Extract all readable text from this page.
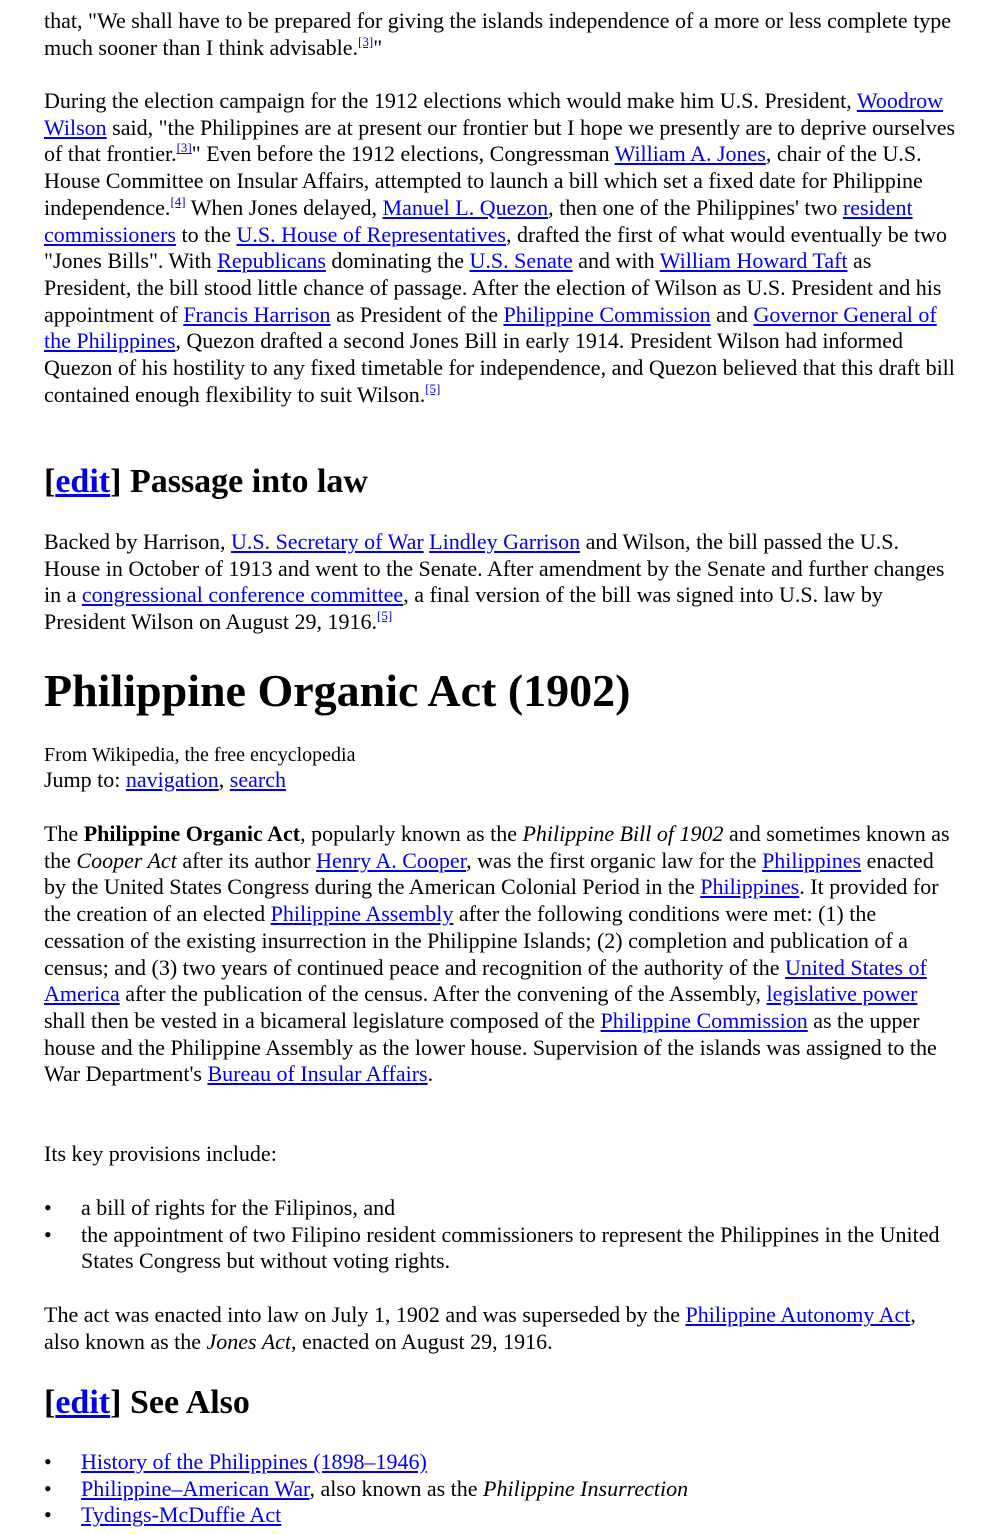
that, "We shall have to be prepared for giving the islands independence of a more or less complete type much sooner than I think advisable.[3]"

During the election campaign for the 1912 elections which would make him U.S. President, Woodrow Wilson said, "the Philippines are at present our frontier but I hope we presently are to deprive ourselves of that frontier.[3]" Even before the 1912 elections, Congressman William A. Jones, chair of the U.S. House Committee on Insular Affairs, attempted to launch a bill which set a fixed date for Philippine independence.[4] When Jones delayed, Manuel L. Quezon, then one of the Philippines' two resident commissioners to the U.S. House of Representatives, drafted the first of what would eventually be two "Jones Bills". With Republicans dominating the U.S. Senate and with William Howard Taft as President, the bill stood little chance of passage. After the election of Wilson as U.S. President and his appointment of Francis Harrison as President of the Philippine Commission and Governor General of the Philippines, Quezon drafted a second Jones Bill in early 1914. President Wilson had informed Quezon of his hostility to any fixed timetable for independence, and Quezon believed that this draft bill contained enough flexibility to suit Wilson.[5]

[edit] Passage into law

Backed by Harrison, U.S. Secretary of War Lindley Garrison and Wilson, the bill passed the U.S. House in October of 1913 and went to the Senate. After amendment by the Senate and further changes in a congressional conference committee, a final version of the bill was signed into U.S. law by President Wilson on August 29, 1916.[5]

Philippine Organic Act (1902)
From Wikipedia, the free encyclopedia
Jump to: navigation, search

The Philippine Organic Act, popularly known as the Philippine Bill of 1902 and sometimes known as the Cooper Act after its author Henry A. Cooper, was the first organic law for the Philippines enacted by the United States Congress during the American Colonial Period in the Philippines. It provided for the creation of an elected Philippine Assembly after the following conditions were met: (1) the cessation of the existing insurrection in the Philippine Islands; (2) completion and publication of a census; and (3) two years of continued peace and recognition of the authority of the United States of America after the publication of the census. After the convening of the Assembly, legislative power shall then be vested in a bicameral legislature composed of the Philippine Commission as the upper house and the Philippine Assembly as the lower house. Supervision of the islands was assigned to the War Department's Bureau of Insular Affairs.

Its key provisions include:

• a bill of rights for the Filipinos, and
• the appointment of two Filipino resident commissioners to represent the Philippines in the United States Congress but without voting rights.

The act was enacted into law on July 1, 1902 and was superseded by the Philippine Autonomy Act, also known as the Jones Act, enacted on August 29, 1916.

[edit] See Also
• History of the Philippines (1898–1946)
• Philippine–American War, also known as the Philippine Insurrection
• Tydings-McDuffie Act
